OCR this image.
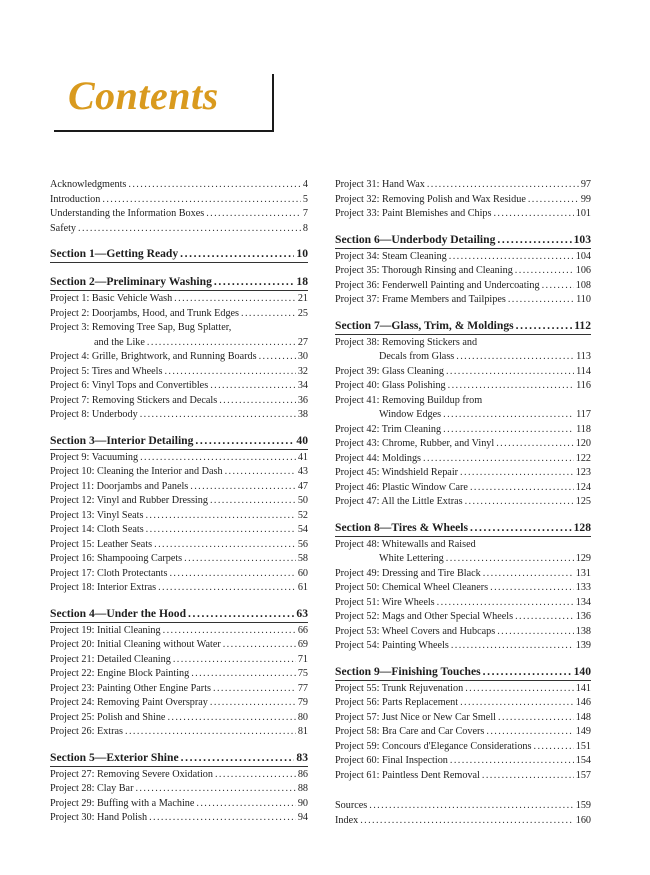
Contents
Acknowledgments .....	4
Introduction .....	5
Understanding the Information Boxes .....	7
Safety .....	8
Section 1—Getting Ready .....	10
Section 2—Preliminary Washing .....	18
Project 1: Basic Vehicle Wash .....	21
Project 2: Doorjambs, Hood, and Trunk Edges .....	25
Project 3: Removing Tree Sap, Bug Splatter,
and the Like .....	27
Project 4: Grille, Brightwork, and Running Boards .....	30
Project 5: Tires and Wheels .....	32
Project 6: Vinyl Tops and Convertibles .....	34
Project 7: Removing Stickers and Decals .....	36
Project 8: Underbody .....	38
Section 3—Interior Detailing .....	40
Project 9: Vacuuming .....	41
Project 10: Cleaning the Interior and Dash .....	43
Project 11: Doorjambs and Panels .....	47
Project 12: Vinyl and Rubber Dressing .....	50
Project 13: Vinyl Seats .....	52
Project 14: Cloth Seats .....	54
Project 15: Leather Seats .....	56
Project 16: Shampooing Carpets .....	58
Project 17: Cloth Protectants .....	60
Project 18: Interior Extras .....	61
Section 4—Under the Hood .....	63
Project 19: Initial Cleaning .....	66
Project 20: Initial Cleaning without Water .....	69
Project 21: Detailed Cleaning .....	71
Project 22: Engine Block Painting .....	75
Project 23: Painting Other Engine Parts .....	77
Project 24: Removing Paint Overspray .....	79
Project 25: Polish and Shine .....	80
Project 26: Extras .....	81
Section 5—Exterior Shine .....	83
Project 27: Removing Severe Oxidation .....	86
Project 28: Clay Bar .....	88
Project 29: Buffing with a Machine .....	90
Project 30: Hand Polish .....	94
Project 31: Hand Wax .....	97
Project 32: Removing Polish and Wax Residue .....	99
Project 33: Paint Blemishes and Chips .....	101
Section 6—Underbody Detailing .....	103
Project 34: Steam Cleaning .....	104
Project 35: Thorough Rinsing and Cleaning .....	106
Project 36: Fenderwell Painting and Undercoating .....	108
Project 37: Frame Members and Tailpipes .....	110
Section 7—Glass, Trim, & Moldings .....	112
Project 38: Removing Stickers and
Decals from Glass .....	113
Project 39: Glass Cleaning .....	114
Project 40: Glass Polishing .....	116
Project 41: Removing Buildup from
Window Edges .....	117
Project 42: Trim Cleaning .....	118
Project 43: Chrome, Rubber, and Vinyl .....	120
Project 44: Moldings .....	122
Project 45: Windshield Repair .....	123
Project 46: Plastic Window Care .....	124
Project 47: All the Little Extras .....	125
Section 8—Tires & Wheels .....	128
Project 48: Whitewalls and Raised
White Lettering .....	129
Project 49: Dressing and Tire Black .....	131
Project 50: Chemical Wheel Cleaners .....	133
Project 51: Wire Wheels .....	134
Project 52: Mags and Other Special Wheels .....	136
Project 53: Wheel Covers and Hubcaps .....	138
Project 54: Painting Wheels .....	139
Section 9—Finishing Touches .....	140
Project 55: Trunk Rejuvenation .....	141
Project 56: Parts Replacement .....	146
Project 57: Just Nice or New Car Smell .....	148
Project 58: Bra Care and Car Covers .....	149
Project 59: Concours d'Elegance Considerations .....	151
Project 60: Final Inspection .....	154
Project 61: Paintless Dent Removal .....	157
Sources .....	159
Index .....	160
